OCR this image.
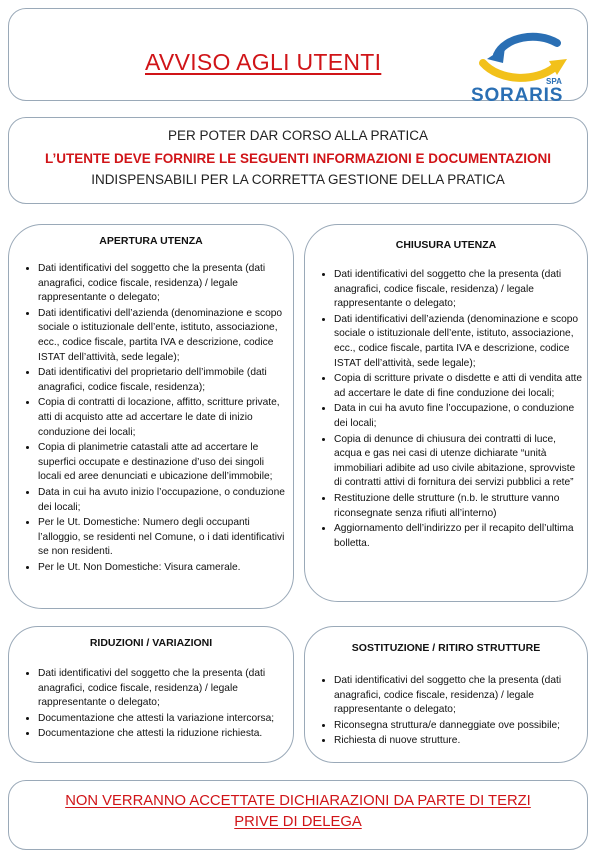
AVVISO AGLI UTENTI
SPA
SORARIS
PER POTER DAR CORSO ALLA PRATICA
L’UTENTE DEVE FORNIRE LE SEGUENTI INFORMAZIONI E DOCUMENTAZIONI
INDISPENSABILI PER LA CORRETTA GESTIONE DELLA PRATICA
APERTURA UTENZA
• Dati identificativi del soggetto che la presenta (dati anagrafici, codice fiscale, residenza) / legale rappresentante o delegato;
• Dati identificativi dell’azienda (denominazione e scopo sociale o istituzionale dell’ente, istituto, associazione, ecc., codice fiscale, partita IVA e descrizione, codice ISTAT dell’attività, sede legale);
• Dati identificativi del proprietario dell’immobile (dati anagrafici, codice fiscale, residenza);
• Copia di contratti di locazione, affitto, scritture private, atti di acquisto atte ad accertare le date di inizio conduzione dei locali;
• Copia di planimetrie catastali atte ad accertare le superfici occupate e destinazione d’uso dei singoli locali ed aree denunciati e ubicazione dell’immobile;
• Data in cui ha avuto inizio l’occupazione, o conduzione dei locali;
• Per le Ut. Domestiche: Numero degli occupanti l’alloggio, se residenti nel Comune, o i dati identificativi se non residenti.
• Per le Ut. Non Domestiche: Visura camerale.
CHIUSURA UTENZA
• Dati identificativi del soggetto che la presenta (dati anagrafici, codice fiscale, residenza) / legale rappresentante o delegato;
• Dati identificativi dell’azienda (denominazione e scopo sociale o istituzionale dell’ente, istituto, associazione, ecc., codice fiscale, partita IVA e descrizione, codice ISTAT dell’attività, sede legale);
• Copia di scritture private o disdette e atti di vendita atte ad accertare le date di fine conduzione dei locali;
• Data in cui ha avuto fine l’occupazione, o conduzione dei locali;
• Copia di denunce di chiusura dei contratti di luce, acqua e gas nei casi di utenze dichiarate “unità immobiliari adibite ad uso civile abitazione, sprovviste di contratti attivi di fornitura dei servizi pubblici a rete”
• Restituzione delle strutture (n.b. le strutture vanno riconsegnate senza rifiuti all’interno)
• Aggiornamento dell’indirizzo per il recapito dell’ultima bolletta.
RIDUZIONI / VARIAZIONI
• Dati identificativi del soggetto che la presenta (dati anagrafici, codice fiscale, residenza) / legale rappresentante o delegato;
• Documentazione che attesti la variazione intercorsa;
• Documentazione che attesti la riduzione richiesta.
SOSTITUZIONE / RITIRO STRUTTURE
• Dati identificativi del soggetto che la presenta (dati anagrafici, codice fiscale, residenza) / legale rappresentante o delegato;
• Riconsegna struttura/e danneggiate ove possibile;
• Richiesta di nuove strutture.
NON VERRANNO ACCETTATE DICHIARAZIONI DA PARTE DI TERZI
PRIVE DI DELEGA
